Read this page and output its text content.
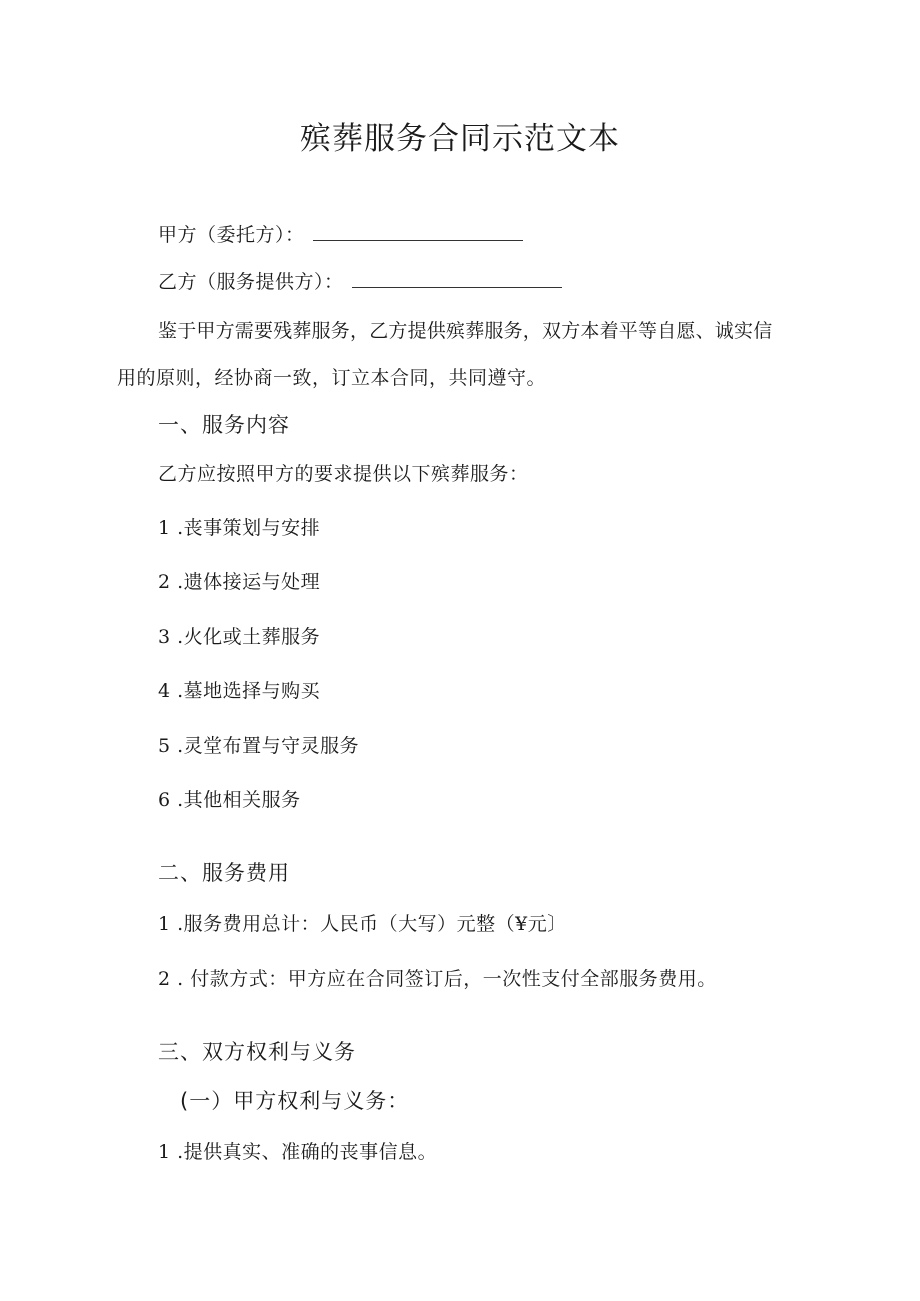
殡葬服务合同示范文本
甲方（委托方）：
乙方（服务提供方）：
鉴于甲方需要残葬服务，乙方提供殡葬服务，双方本着平等自愿、诚实信
用的原则，经协商一致，订立本合同，共同遵守。
一、服务内容
乙方应按照甲方的要求提供以下殡葬服务：
1 .丧事策划与安排
2 .遗体接运与处理
3 .火化或土葬服务
4 .墓地选择与购买
5 .灵堂布置与守灵服务
6 .其他相关服务
二、服务费用
1 .服务费用总计：人民币（大写）元整（¥元〕
2 . 付款方式：甲方应在合同签订后，一次性支付全部服务费用。
三、双方权利与义务
(一）甲方权利与义务：
1 .提供真实、准确的丧事信息。
